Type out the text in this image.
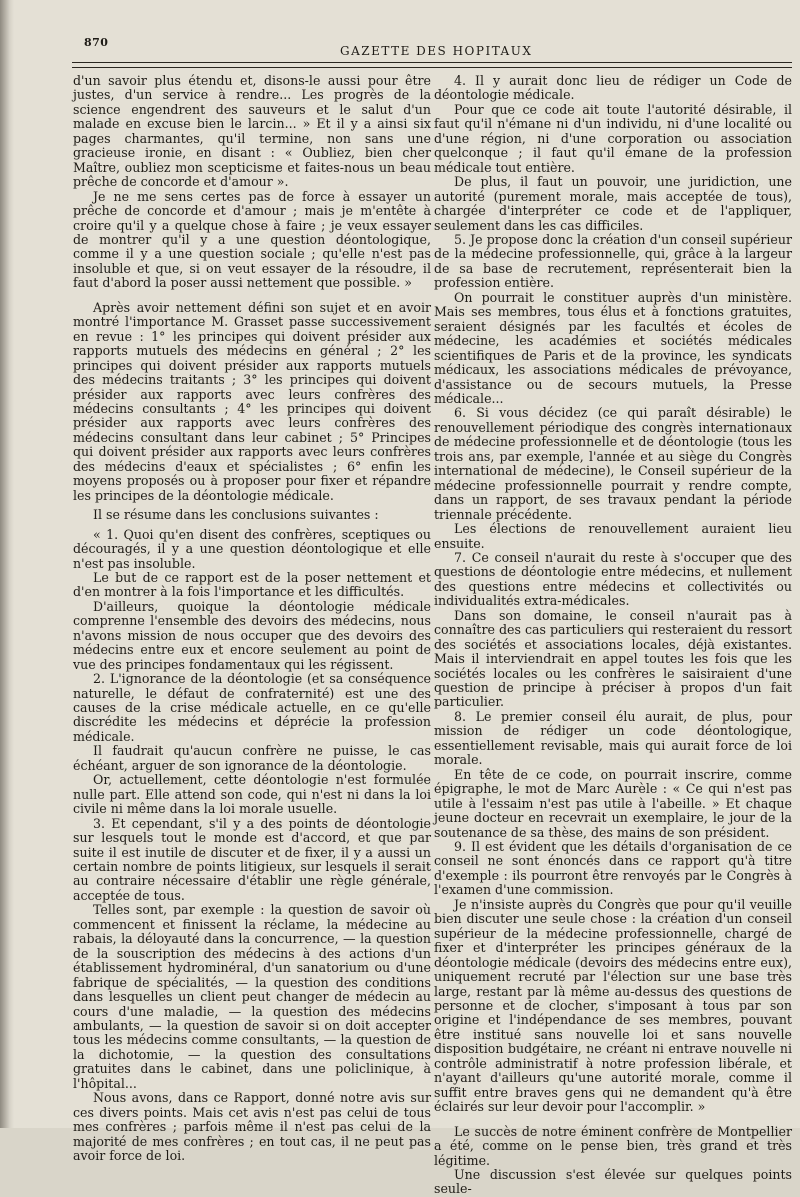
870
GAZETTE DES HOPITAUX

d'un savoir plus étendu et, disons-le aussi pour être justes, d'un service à rendre... Les progrès de la science engendrent des sauveurs et le salut d'un malade en excuse bien le larcin... » Et il y a ainsi six pages charmantes, qu'il termine, non sans une gracieuse ironie, en disant : « Oubliez, bien cher Maître, oubliez mon scepticisme et faites-nous un beau prêche de concorde et d'amour ».

Je ne me sens certes pas de force à essayer un prêche de concorde et d'amour ; mais je m'entête à croire qu'il y a quelque chose à faire ; je veux essayer de montrer qu'il y a une question déontologique, comme il y a une question sociale ; qu'elle n'est pas insoluble et que, si on veut essayer de la résoudre, il faut d'abord la poser aussi nettement que possible. »

Après avoir nettement défini son sujet et en avoir montré l'importance M. Grasset passe successivement en revue : 1° les principes qui doivent présider aux rapports mutuels des médecins en général ; 2° les principes qui doivent présider aux rapports mutuels des médecins traitants ; 3° les principes qui doivent présider aux rapports avec leurs confrères des médecins consultants ; 4° les principes qui doivent présider aux rapports avec leurs confrères des médecins consultant dans leur cabinet ; 5° Principes qui doivent présider aux rapports avec leurs confrères des médecins d'eaux et spécialistes ; 6° enfin les moyens proposés ou à proposer pour fixer et répandre les principes de la déontologie médicale.

Il se résume dans les conclusions suivantes :

« 1. Quoi qu'en disent des confrères, sceptiques ou découragés, il y a une question déontologique et elle n'est pas insoluble.

Le but de ce rapport est de la poser nettement et d'en montrer à la fois l'importance et les difficultés.

D'ailleurs, quoique la déontologie médicale comprenne l'ensemble des devoirs des médecins, nous n'avons mission de nous occuper que des devoirs des médecins entre eux et encore seulement au point de vue des principes fondamentaux qui les régissent.

2. L'ignorance de la déontologie (et sa conséquence naturelle, le défaut de confraternité) est une des causes de la crise médicale actuelle, en ce qu'elle discrédite les médecins et déprécie la profession médicale.

Il faudrait qu'aucun confrère ne puisse, le cas échéant, arguer de son ignorance de la déontologie.

Or, actuellement, cette déontologie n'est formulée nulle part. Elle attend son code, qui n'est ni dans la loi civile ni même dans la loi morale usuelle.

3. Et cependant, s'il y a des points de déontologie sur lesquels tout le monde est d'accord, et que par suite il est inutile de discuter et de fixer, il y a aussi un certain nombre de points litigieux, sur lesquels il serait au contraire nécessaire d'établir une règle générale, acceptée de tous.

Telles sont, par exemple : la question de savoir où commencent et finissent la réclame, la médecine au rabais, la déloyauté dans la concurrence, — la question de la souscription des médecins à des actions d'un établissement hydrominéral, d'un sanatorium ou d'une fabrique de spécialités, — la question des conditions dans lesquelles un client peut changer de médecin au cours d'une maladie, — la question des médecins ambulants, — la question de savoir si on doit accepter tous les médecins comme consultants, — la question de la dichotomie, — la question des consultations gratuites dans le cabinet, dans une policlinique, à l'hôpital...

Nous avons, dans ce Rapport, donné notre avis sur ces divers points. Mais cet avis n'est pas celui de tous mes confrères ; parfois même il n'est pas celui de la majorité de mes confrères ; en tout cas, il ne peut pas avoir force de loi.

4. Il y aurait donc lieu de rédiger un Code de déontologie médicale.

Pour que ce code ait toute l'autorité désirable, il faut qu'il n'émane ni d'un individu, ni d'une localité ou d'une région, ni d'une corporation ou association quelconque ; il faut qu'il émane de la profession médicale tout entière.

De plus, il faut un pouvoir, une juridiction, une autorité (purement morale, mais acceptée de tous), chargée d'interpréter ce code et de l'appliquer, seulement dans les cas difficiles.

5. Je propose donc la création d'un conseil supérieur de la médecine professionnelle, qui, grâce à la largeur de sa base de recrutement, représenterait bien la profession entière.

On pourrait le constituer auprès d'un ministère. Mais ses membres, tous élus et à fonctions gratuites, seraient désignés par les facultés et écoles de médecine, les académies et sociétés médicales scientifiques de Paris et de la province, les syndicats médicaux, les associations médicales de prévoyance, d'assistance ou de secours mutuels, la Presse médicale...

6. Si vous décidez (ce qui paraît désirable) le renouvellement périodique des congrès internationaux de médecine professionnelle et de déontologie (tous les trois ans, par exemple, l'année et au siège du Congrès international de médecine), le Conseil supérieur de la médecine professionnelle pourrait y rendre compte, dans un rapport, de ses travaux pendant la période triennale précédente.

Les élections de renouvellement auraient lieu ensuite.

7. Ce conseil n'aurait du reste à s'occuper que des questions de déontologie entre médecins, et nullement des questions entre médecins et collectivités ou individualités extra-médicales.

Dans son domaine, le conseil n'aurait pas à connaître des cas particuliers qui resteraient du ressort des sociétés et associations locales, déjà existantes. Mais il interviendrait en appel toutes les fois que les sociétés locales ou les confrères le saisiraient d'une question de principe à préciser à propos d'un fait particulier.

8. Le premier conseil élu aurait, de plus, pour mission de rédiger un code déontologique, essentiellement revisable, mais qui aurait force de loi morale.

En tête de ce code, on pourrait inscrire, comme épigraphe, le mot de Marc Aurèle : « Ce qui n'est pas utile à l'essaim n'est pas utile à l'abeille. » Et chaque jeune docteur en recevrait un exemplaire, le jour de la soutenance de sa thèse, des mains de son président.

9. Il est évident que les détails d'organisation de ce conseil ne sont énoncés dans ce rapport qu'à titre d'exemple : ils pourront être renvoyés par le Congrès à l'examen d'une commission.

Je n'insiste auprès du Congrès que pour qu'il veuille bien discuter une seule chose : la création d'un conseil supérieur de la médecine professionnelle, chargé de fixer et d'interpréter les principes généraux de la déontologie médicale (devoirs des médecins entre eux), uniquement recruté par l'élection sur une base très large, restant par là même au-dessus des questions de personne et de clocher, s'imposant à tous par son origine et l'indépendance de ses membres, pouvant être institué sans nouvelle loi et sans nouvelle disposition budgétaire, ne créant ni entrave nouvelle ni contrôle administratif à notre profession libérale, et n'ayant d'ailleurs qu'une autorité morale, comme il suffit entre braves gens qui ne demandent qu'à être éclairés sur leur devoir pour l'accomplir. »

Le succès de notre éminent confrère de Montpellier a été, comme on le pense bien, très grand et très légitime.

Une discussion s'est élevée sur quelques points seule-
